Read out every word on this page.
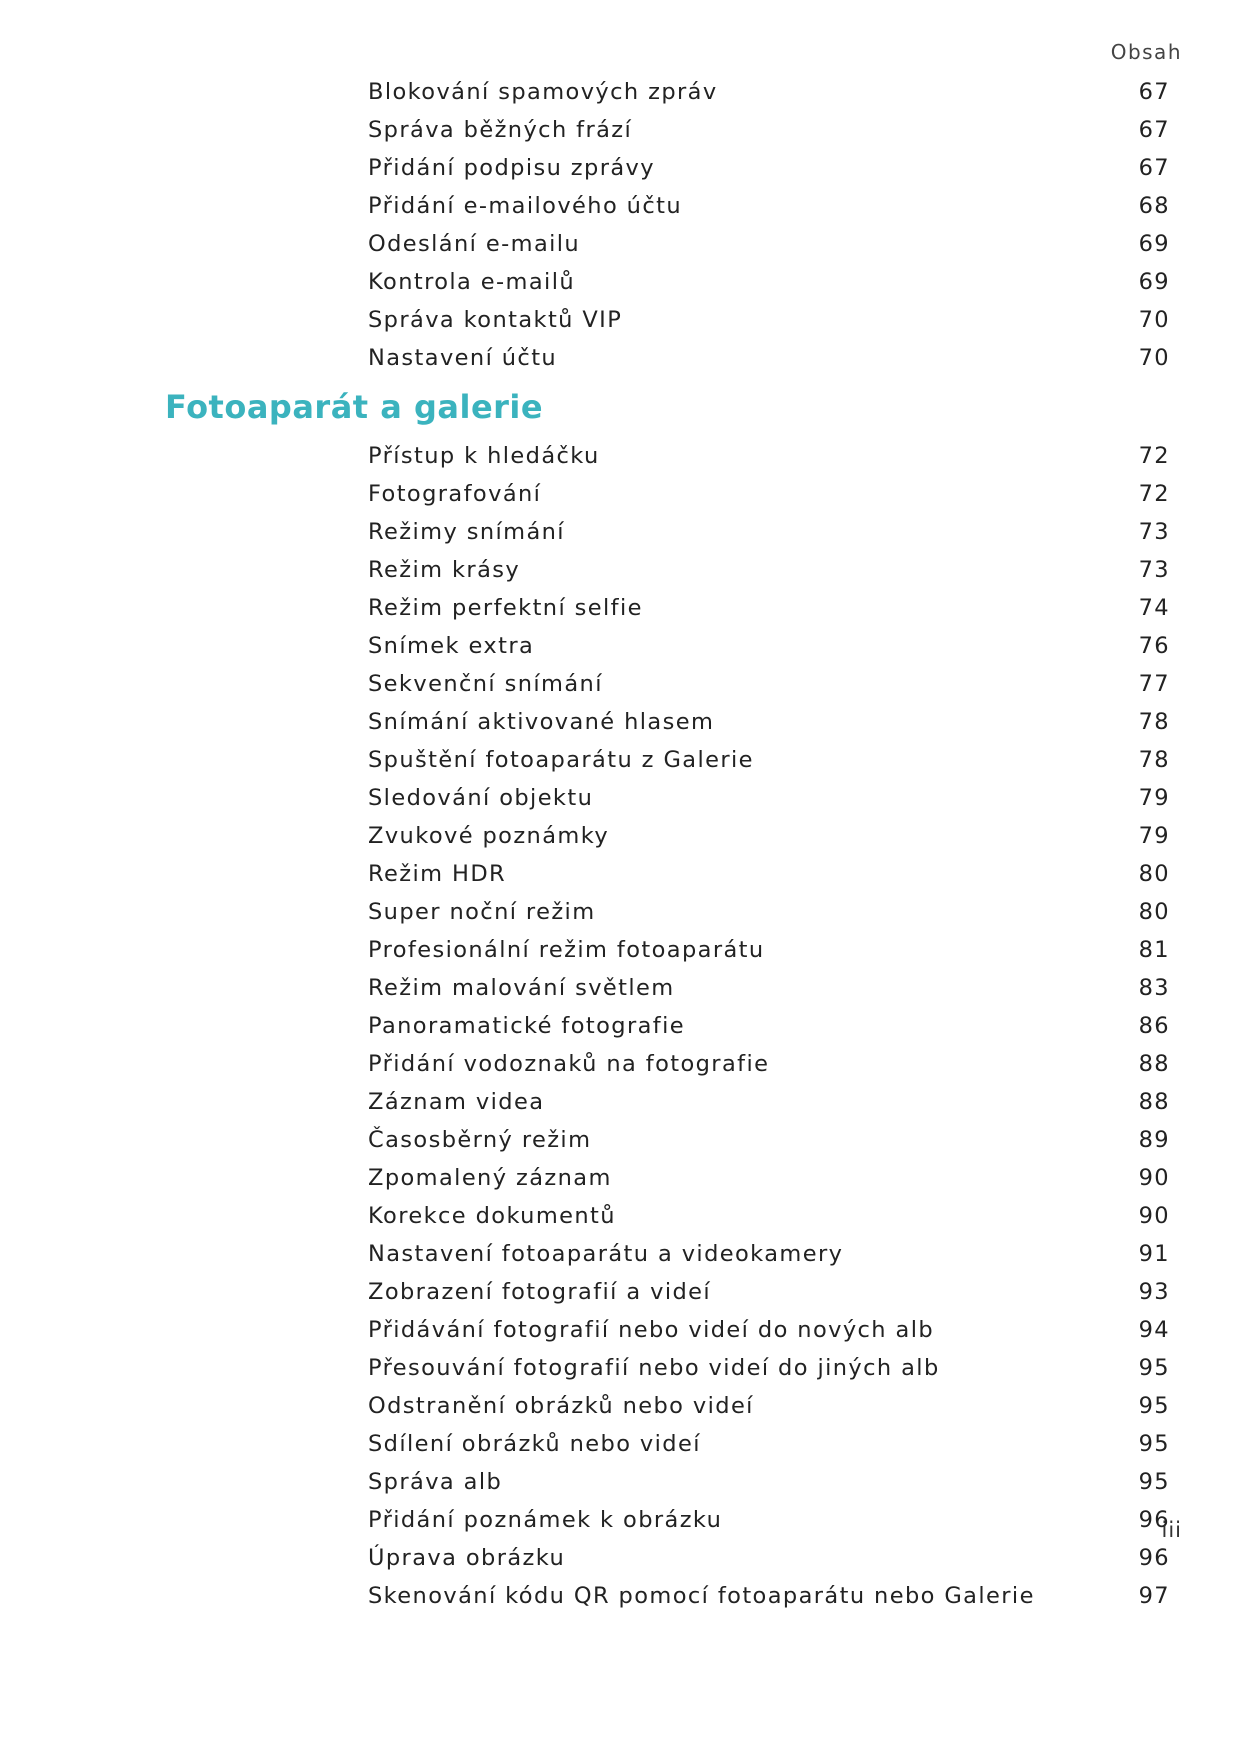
Obsah
Blokování spamových zpráv	67
Správa běžných frází	67
Přidání podpisu zprávy	67
Přidání e-mailového účtu	68
Odeslání e-mailu	69
Kontrola e-mailů	69
Správa kontaktů VIP	70
Nastavení účtu	70
Fotoaparát a galerie
Přístup k hledáčku	72
Fotografování	72
Režimy snímání	73
Režim krásy	73
Režim perfektní selfie	74
Snímek extra	76
Sekvenční snímání	77
Snímání aktivované hlasem	78
Spuštění fotoaparátu z Galerie	78
Sledování objektu	79
Zvukové poznámky	79
Režim HDR	80
Super noční režim	80
Profesionální režim fotoaparátu	81
Režim malování světlem	83
Panoramatické fotografie	86
Přidání vodoznaků na fotografie	88
Záznam videa	88
Časosběrný režim	89
Zpomalený záznam	90
Korekce dokumentů	90
Nastavení fotoaparátu a videokamery	91
Zobrazení fotografií a videí	93
Přidávání fotografií nebo videí do nových alb	94
Přesouvání fotografií nebo videí do jiných alb	95
Odstranění obrázků nebo videí	95
Sdílení obrázků nebo videí	95
Správa alb	95
Přidání poznámek k obrázku	96
Úprava obrázku	96
Skenování kódu QR pomocí fotoaparátu nebo Galerie	97
iii
